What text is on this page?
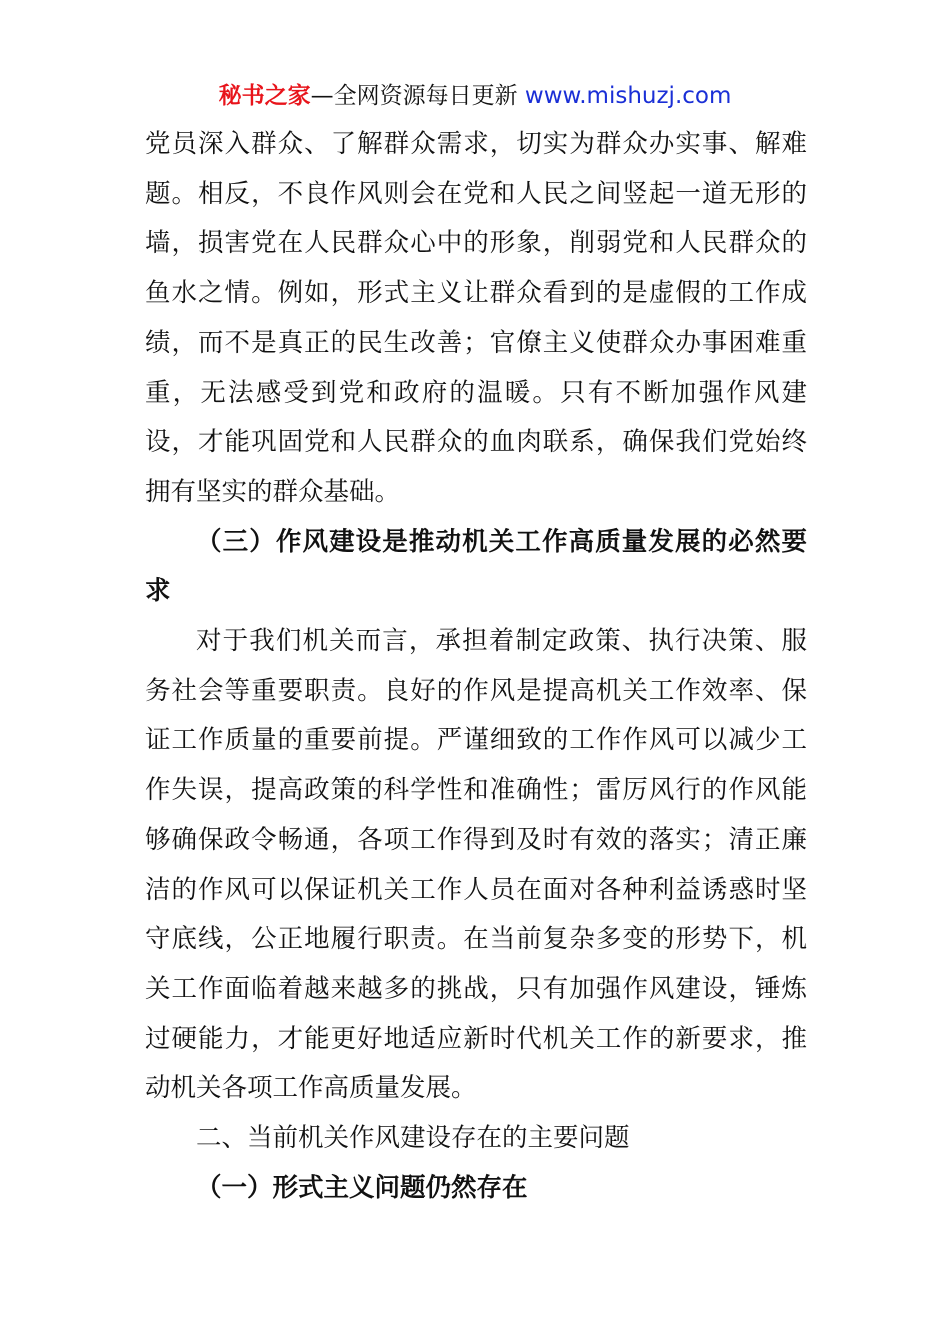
秘书之家—全网资源每日更新 www.mishuzj.com

党员深入群众、了解群众需求，切实为群众办实事、解难题。相反，不良作风则会在党和人民之间竖起一道无形的墙，损害党在人民群众心中的形象，削弱党和人民群众的鱼水之情。例如，形式主义让群众看到的是虚假的工作成绩，而不是真正的民生改善；官僚主义使群众办事困难重重，无法感受到党和政府的温暖。只有不断加强作风建设，才能巩固党和人民群众的血肉联系，确保我们党始终拥有坚实的群众基础。

（三）作风建设是推动机关工作高质量发展的必然要求

对于我们机关而言，承担着制定政策、执行决策、服务社会等重要职责。良好的作风是提高机关工作效率、保证工作质量的重要前提。严谨细致的工作作风可以减少工作失误，提高政策的科学性和准确性；雷厉风行的作风能够确保政令畅通，各项工作得到及时有效的落实；清正廉洁的作风可以保证机关工作人员在面对各种利益诱惑时坚守底线，公正地履行职责。在当前复杂多变的形势下，机关工作面临着越来越多的挑战，只有加强作风建设，锤炼过硬能力，才能更好地适应新时代机关工作的新要求，推动机关各项工作高质量发展。

二、当前机关作风建设存在的主要问题

（一）形式主义问题仍然存在
